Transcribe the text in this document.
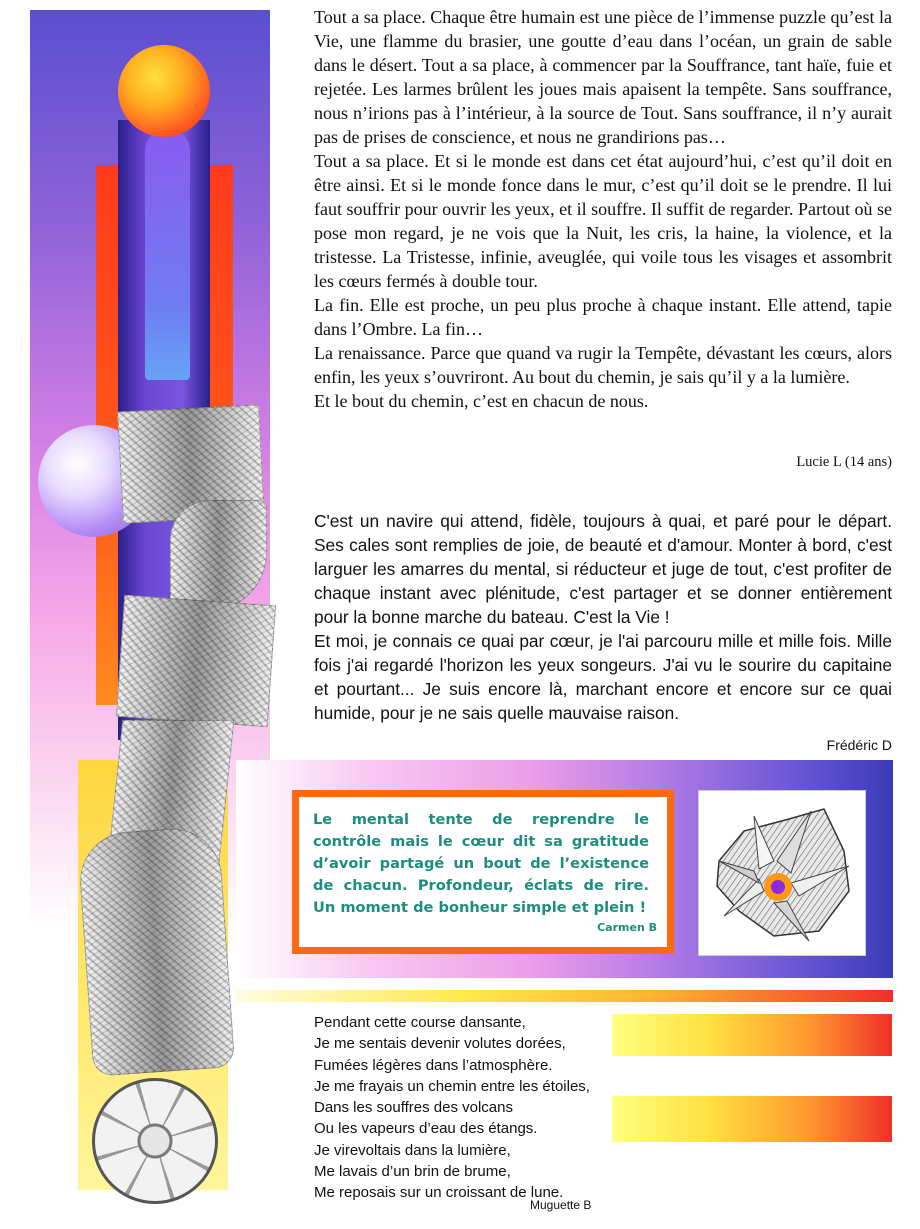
Tout a sa place. Chaque être humain est une pièce de l’immense puzzle qu’est la Vie, une flamme du brasier, une goutte d’eau dans l’océan, un grain de sable dans le désert. Tout a sa place, à commencer par la Souffrance, tant haïe, fuie et rejetée. Les larmes brûlent les joues mais apaisent la tempête. Sans souffrance, nous n’irions pas à l’intérieur, à la source de Tout. Sans souffrance, il n’y aurait pas de prises de conscience, et nous ne grandirions pas…

Tout a sa place. Et si le monde est dans cet état aujourd’hui, c’est qu’il doit en être ainsi. Et si le monde fonce dans le mur, c’est qu’il doit se le prendre. Il lui faut souffrir pour ouvrir les yeux, et il souffre. Il suffit de regarder. Partout où se pose mon regard, je ne vois que la Nuit, les cris, la haine, la violence, et la tristesse. La Tristesse, infinie, aveuglée, qui voile tous les visages et assombrit les cœurs fermés à double tour.

La fin. Elle est proche, un peu plus proche à chaque instant. Elle attend, tapie dans l’Ombre. La fin…

La renaissance. Parce que quand va rugir la Tempête, dévastant les cœurs, alors enfin, les yeux s’ouvriront. Au bout du chemin, je sais qu’il y a la lumière.

Et le bout du chemin, c’est en chacun de nous.

Lucie L (14 ans)

C'est un navire qui attend, fidèle, toujours à quai, et paré pour le départ. Ses cales sont remplies de joie, de beauté et d'amour. Monter à bord, c'est larguer les amarres du mental, si réducteur et juge de tout, c'est profiter de chaque instant avec plénitude, c'est partager et se donner entièrement pour la bonne marche du bateau. C'est la Vie !

Et moi, je connais ce quai par cœur, je l'ai parcouru mille et mille fois. Mille fois j'ai regardé l'horizon les yeux songeurs. J'ai vu le sourire du capitaine et pourtant... Je suis encore là, marchant encore et encore sur ce quai humide, pour je ne sais quelle mauvaise raison.

Frédéric D

Le mental tente de reprendre le contrôle mais le cœur dit sa gratitude d’avoir partagé un bout de l’existence de chacun. Profondeur, éclats de rire. Un moment de bonheur simple et plein !

Carmen B

Pendant cette course dansante,
Je me sentais devenir volutes dorées,
Fumées légères dans l’atmosphère.
Je me frayais un chemin entre les étoiles,
Dans les souffres des volcans
Ou les vapeurs d’eau des étangs.
Je virevoltais dans la lumière,
Me lavais d’un brin de brume,
Me reposais sur un croissant de lune.

Muguette B
